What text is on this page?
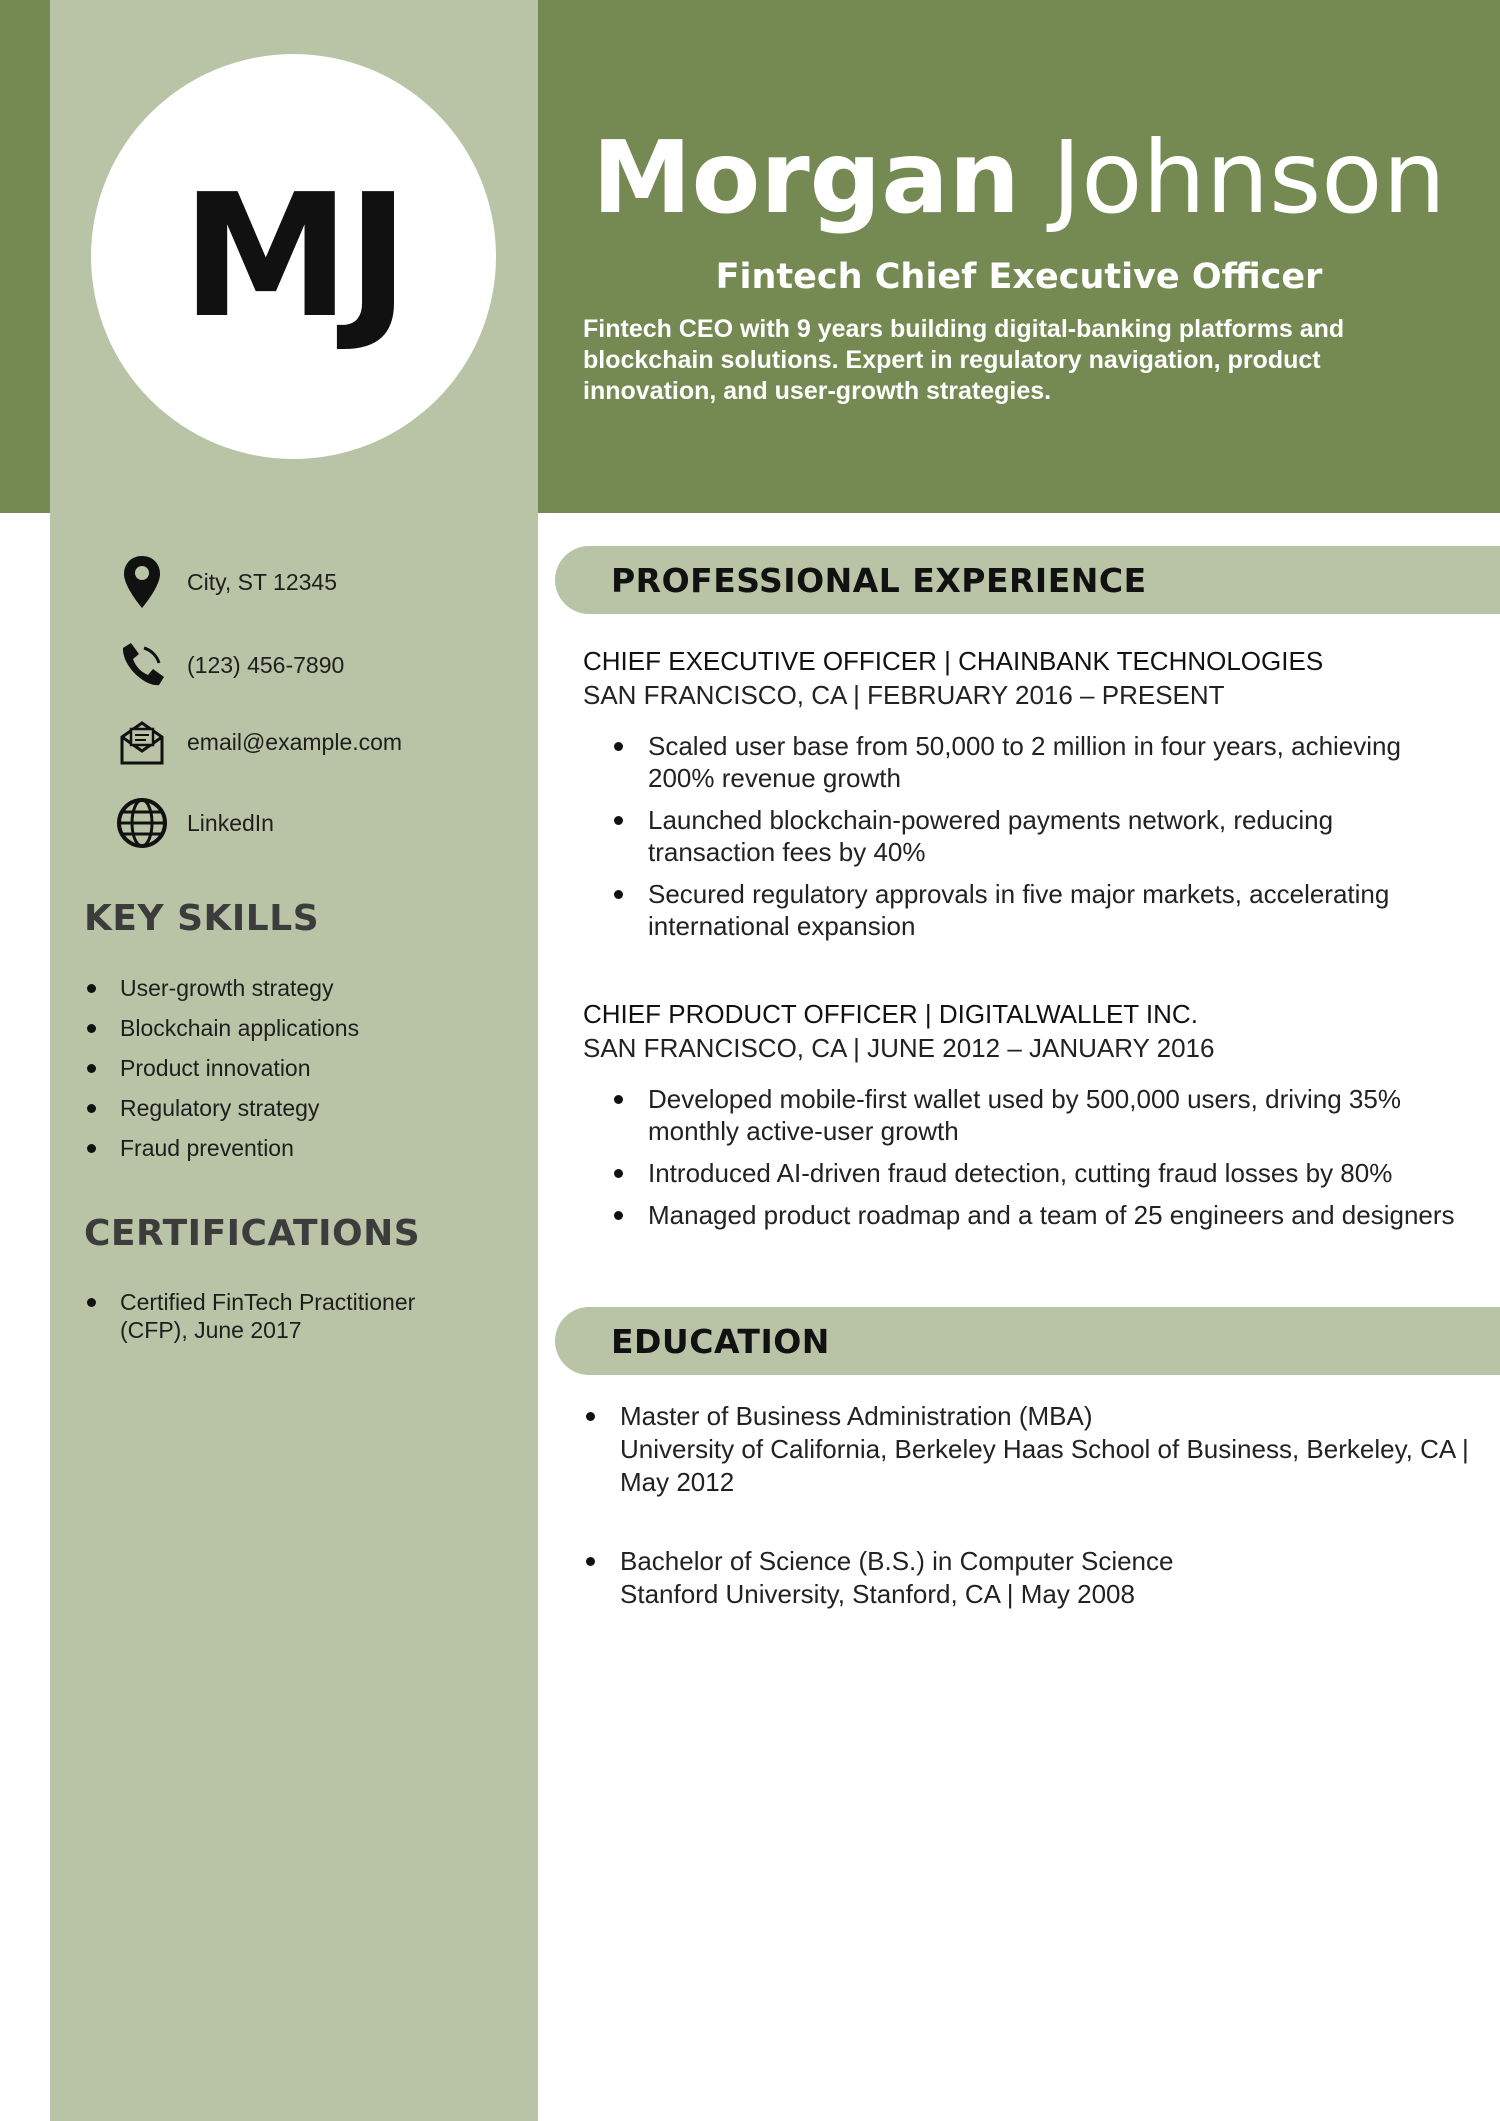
MJ	Morgan Johnson
Fintech Chief Executive Officer
Fintech CEO with 9 years building digital-banking platforms and blockchain solutions. Expert in regulatory navigation, product innovation, and user-growth strategies.
City, ST 12345
(123) 456-7890
email@example.com
LinkedIn
KEY SKILLS
User-growth strategy
Blockchain applications
Product innovation
Regulatory strategy
Fraud prevention
CERTIFICATIONS
Certified FinTech Practitioner (CFP), June 2017
PROFESSIONAL EXPERIENCE
CHIEF EXECUTIVE OFFICER | CHAINBANK TECHNOLOGIES
SAN FRANCISCO, CA | FEBRUARY 2016 – PRESENT
Scaled user base from 50,000 to 2 million in four years, achieving 200% revenue growth
Launched blockchain-powered payments network, reducing transaction fees by 40%
Secured regulatory approvals in five major markets, accelerating international expansion
CHIEF PRODUCT OFFICER | DIGITALWALLET INC.
SAN FRANCISCO, CA | JUNE 2012 – JANUARY 2016
Developed mobile-first wallet used by 500,000 users, driving 35% monthly active-user growth
Introduced AI-driven fraud detection, cutting fraud losses by 80%
Managed product roadmap and a team of 25 engineers and designers
EDUCATION
Master of Business Administration (MBA)
University of California, Berkeley Haas School of Business, Berkeley, CA | May 2012
Bachelor of Science (B.S.) in Computer Science
Stanford University, Stanford, CA | May 2008
